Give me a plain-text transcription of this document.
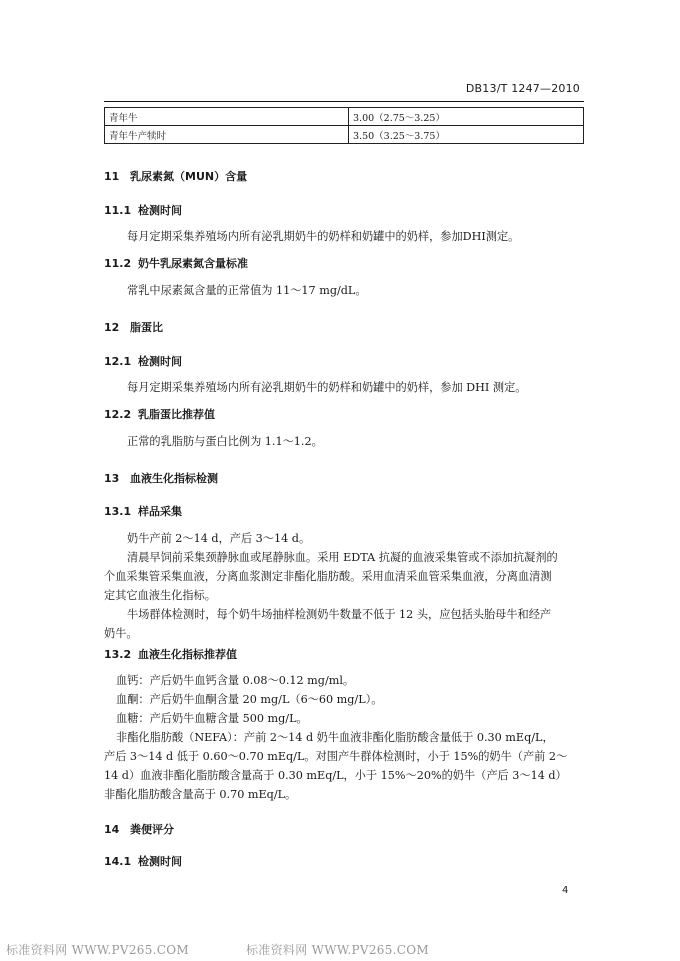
DB13/T 1247—2010
青年牛	3.00（2.75～3.25）
青年牛产犊时	3.50（3.25～3.75）
11 乳尿素氮（MUN）含量
11.1 检测时间
每月定期采集养殖场内所有泌乳期奶牛的奶样和奶罐中的奶样，参加DHI测定。
11.2 奶牛乳尿素氮含量标准
常乳中尿素氮含量的正常值为 11～17 mg/dL。
12 脂蛋比
12.1 检测时间
每月定期采集养殖场内所有泌乳期奶牛的奶样和奶罐中的奶样，参加 DHI 测定。
12.2 乳脂蛋比推荐值
正常的乳脂肪与蛋白比例为 1.1～1.2。
13 血液生化指标检测
13.1 样品采集
奶牛产前 2～14 d，产后 3～14 d。
清晨早饲前采集颈静脉血或尾静脉血。采用 EDTA 抗凝的血液采集管或不添加抗凝剂的
个血采集管采集血液，分离血浆测定非酯化脂肪酸。采用血清采血管采集血液，分离血清测
定其它血液生化指标。
牛场群体检测时，每个奶牛场抽样检测奶牛数量不低于 12 头，应包括头胎母牛和经产
奶牛。
13.2 血液生化指标推荐值
血钙：产后奶牛血钙含量 0.08～0.12 mg/ml。
血酮：产后奶牛血酮含量 20 mg/L（6～60 mg/L）。
血糖：产后奶牛血糖含量 500 mg/L。
非酯化脂肪酸（NEFA）：产前 2～14 d 奶牛血液非酯化脂肪酸含量低于 0.30 mEq/L，
产后 3～14 d 低于 0.60～0.70 mEq/L。对围产牛群体检测时，小于 15%的奶牛（产前 2～
14 d）血液非酯化脂肪酸含量高于 0.30 mEq/L，小于 15%～20%的奶牛（产后 3～14 d）
非酯化脂肪酸含量高于 0.70 mEq/L。
14 粪便评分
14.1 检测时间
4
标准资料网 WWW.PV265.COM	标准资料网 WWW.PV265.COM
